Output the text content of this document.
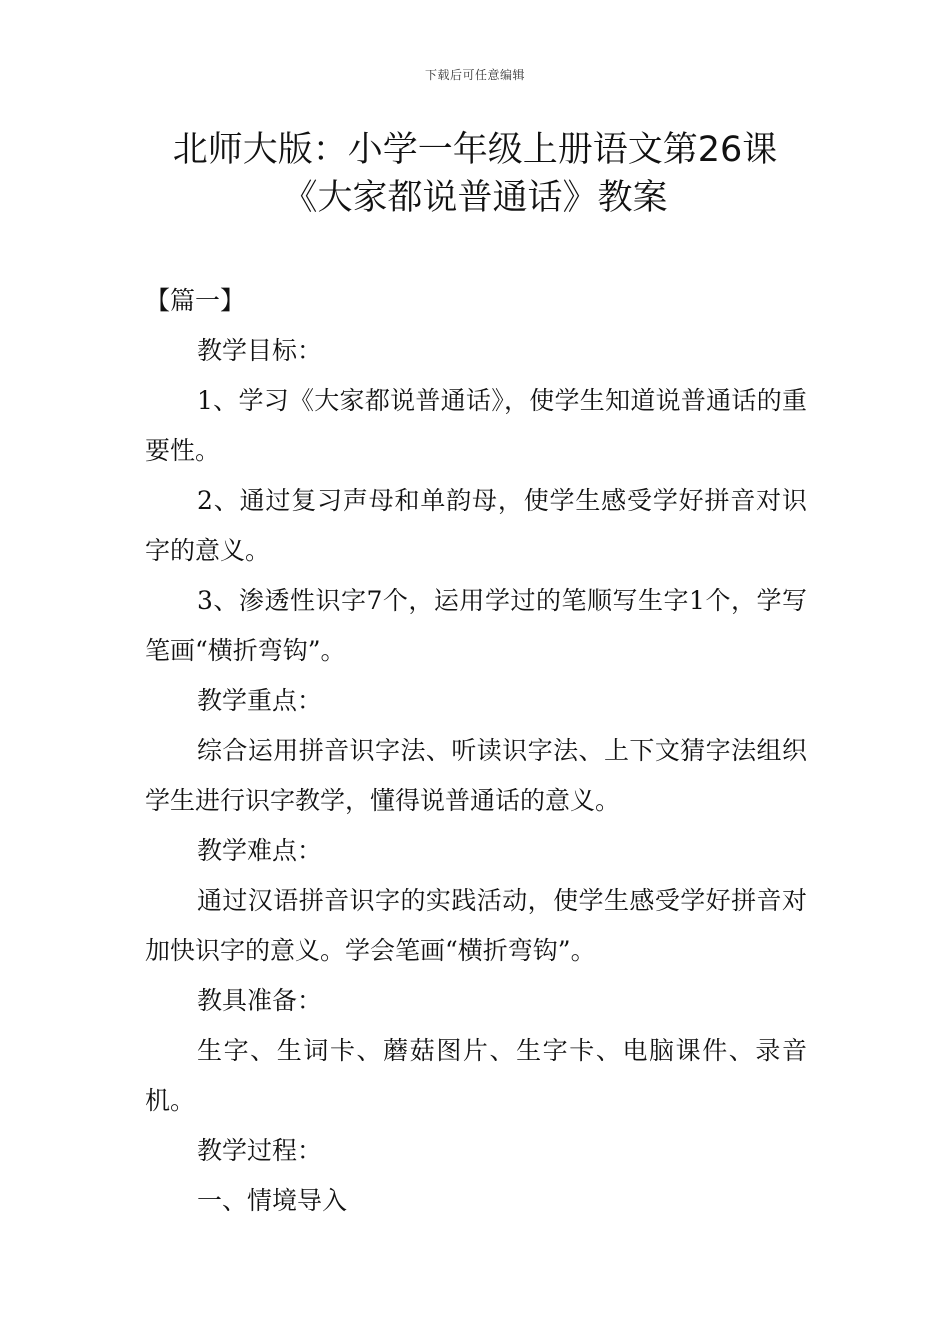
下载后可任意编辑
北师大版：小学一年级上册语文第26课
《大家都说普通话》教案

【篇一】

教学目标：

1、学习《大家都说普通话》，使学生知道说普通话的重要性。

2、通过复习声母和单韵母，使学生感受学好拼音对识字的意义。

3、渗透性识字7个，运用学过的笔顺写生字1个，学写笔画“横折弯钩”。

教学重点：

综合运用拼音识字法、听读识字法、上下文猜字法组织学生进行识字教学，懂得说普通话的意义。

教学难点：

通过汉语拼音识字的实践活动，使学生感受学好拼音对加快识字的意义。学会笔画“横折弯钩”。

教具准备：

生字、生词卡、蘑菇图片、生字卡、电脑课件、录音机。

教学过程：

一、情境导入
